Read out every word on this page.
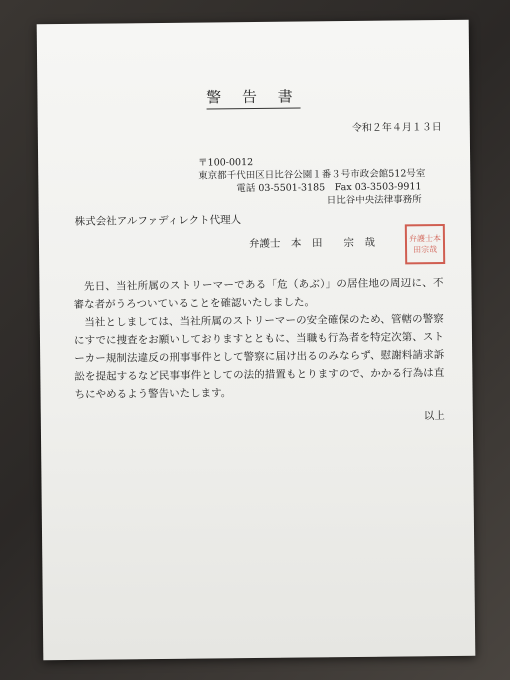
警 告 書
令和２年４月１３日
〒100-0012
東京都千代田区日比谷公園１番３号市政会館512号室
電話 03-5501-3185　Fax 03-3503-9911
日比谷中央法律事務所
株式会社アルファディレクト代理人
弁護士　本　田　　宗　哉	弁護士本田宗哉

先日、当社所属のストリーマーである「危（あぶ）」の居住地の周辺に、不審な者がうろついていることを確認いたしました。

当社としましては、当社所属のストリーマーの安全確保のため、管轄の警察にすでに捜査をお願いしておりますとともに、当職も行為者を特定次第、ストーカー規制法違反の刑事事件として警察に届け出るのみならず、慰謝料請求訴訟を提起するなど民事事件としての法的措置もとりますので、かかる行為は直ちにやめるよう警告いたします。

以上
